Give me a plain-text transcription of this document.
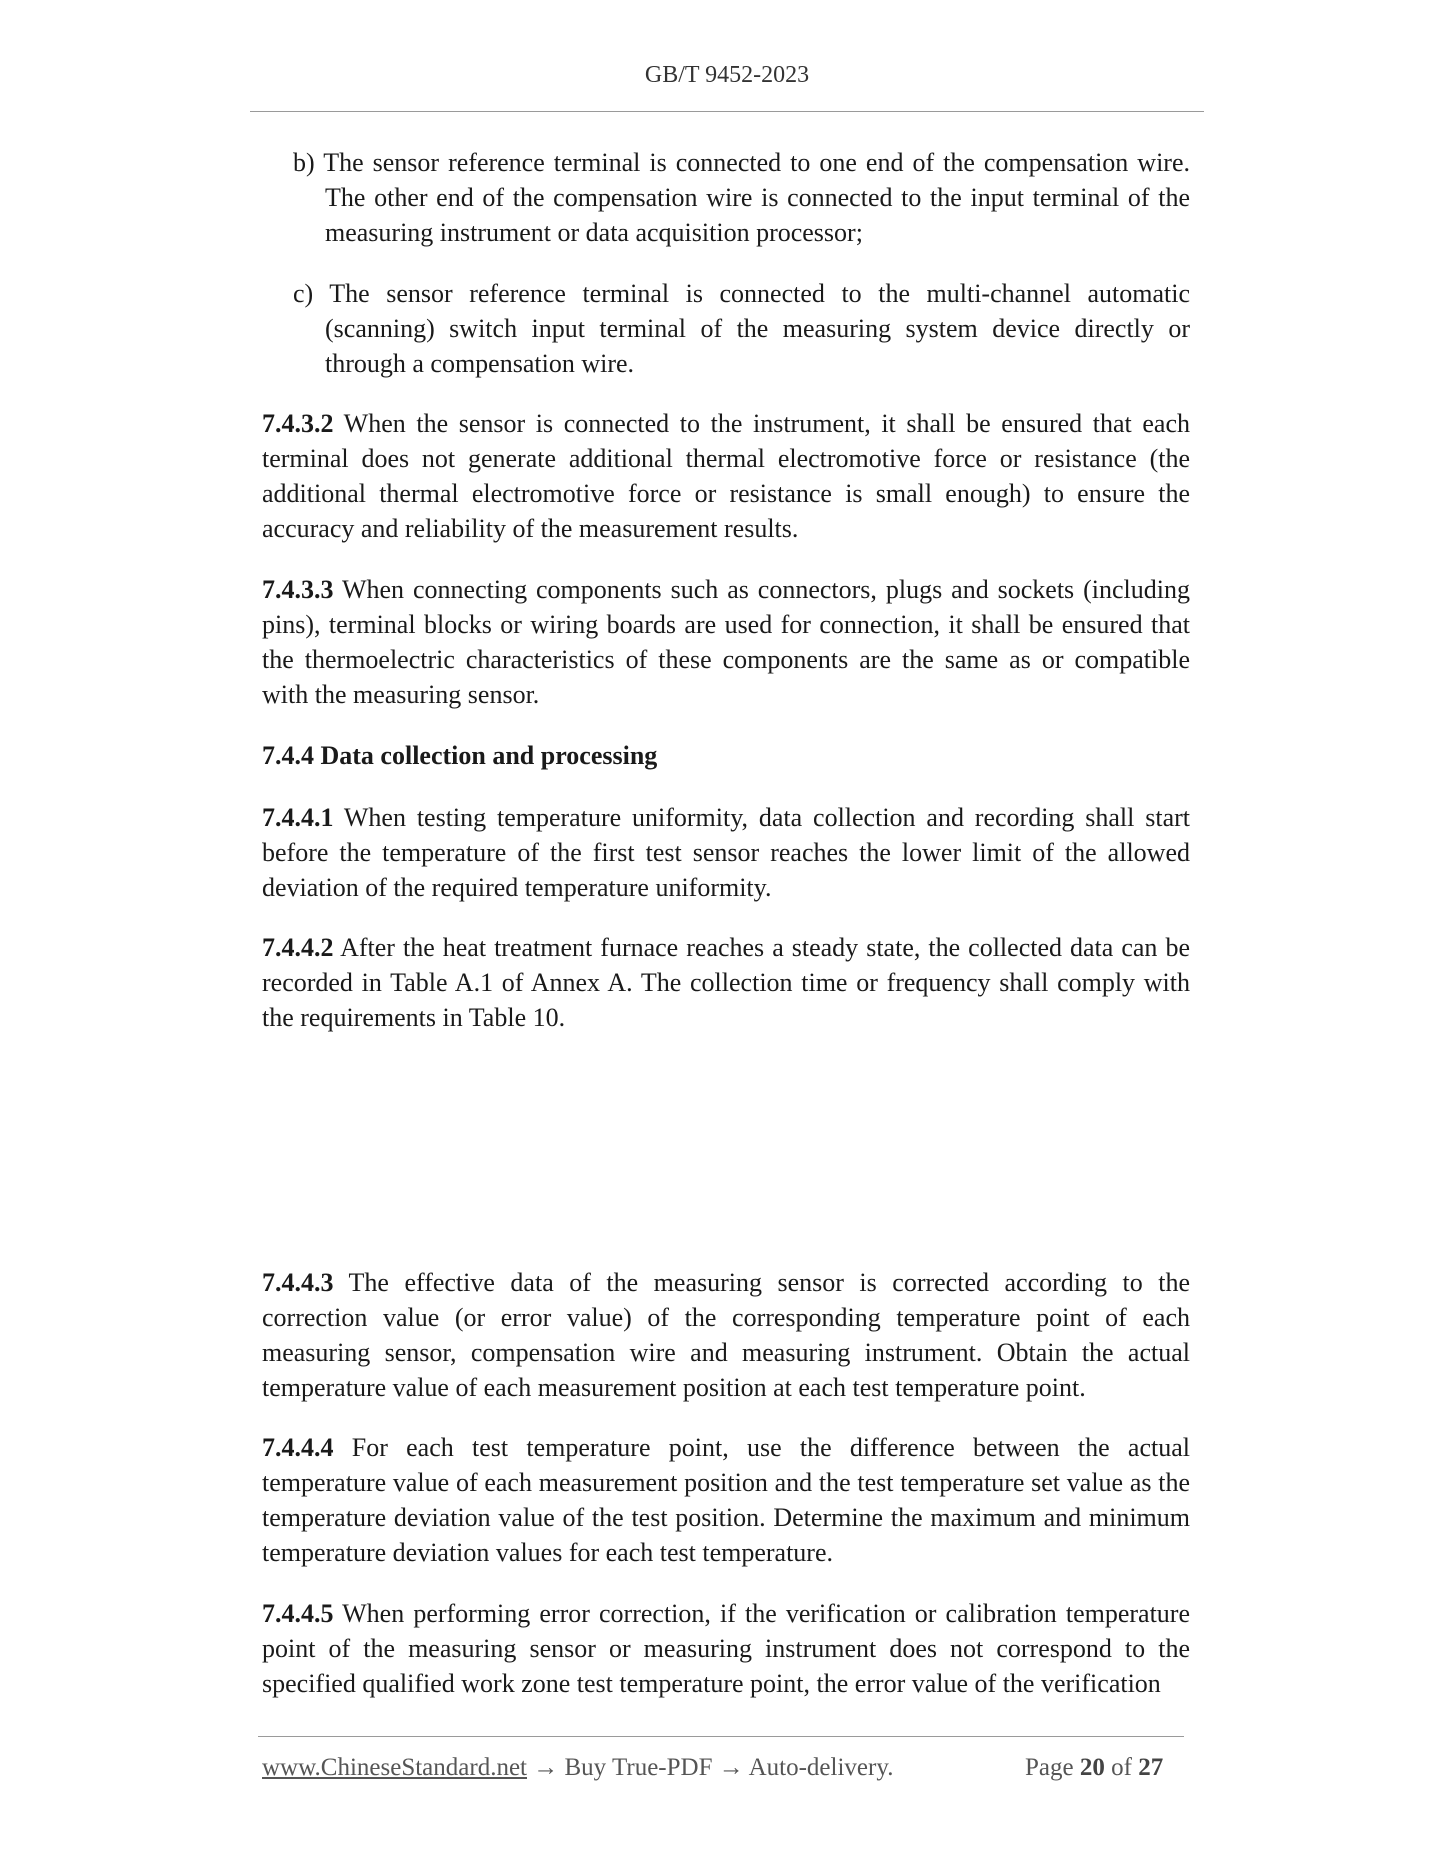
GB/T 9452-2023
b) The sensor reference terminal is connected to one end of the compensation wire. The other end of the compensation wire is connected to the input terminal of the measuring instrument or data acquisition processor;
c) The sensor reference terminal is connected to the multi-channel automatic (scanning) switch input terminal of the measuring system device directly or through a compensation wire.
7.4.3.2 When the sensor is connected to the instrument, it shall be ensured that each terminal does not generate additional thermal electromotive force or resistance (the additional thermal electromotive force or resistance is small enough) to ensure the accuracy and reliability of the measurement results.
7.4.3.3 When connecting components such as connectors, plugs and sockets (including pins), terminal blocks or wiring boards are used for connection, it shall be ensured that the thermoelectric characteristics of these components are the same as or compatible with the measuring sensor.
7.4.4 Data collection and processing
7.4.4.1 When testing temperature uniformity, data collection and recording shall start before the temperature of the first test sensor reaches the lower limit of the allowed deviation of the required temperature uniformity.
7.4.4.2 After the heat treatment furnace reaches a steady state, the collected data can be recorded in Table A.1 of Annex A. The collection time or frequency shall comply with the requirements in Table 10.
7.4.4.3 The effective data of the measuring sensor is corrected according to the correction value (or error value) of the corresponding temperature point of each measuring sensor, compensation wire and measuring instrument. Obtain the actual temperature value of each measurement position at each test temperature point.
7.4.4.4 For each test temperature point, use the difference between the actual temperature value of each measurement position and the test temperature set value as the temperature deviation value of the test position. Determine the maximum and minimum temperature deviation values for each test temperature.
7.4.4.5 When performing error correction, if the verification or calibration temperature point of the measuring sensor or measuring instrument does not correspond to the specified qualified work zone test temperature point, the error value of the verification
www.ChineseStandard.net → Buy True-PDF → Auto-delivery.	Page 20 of 27
